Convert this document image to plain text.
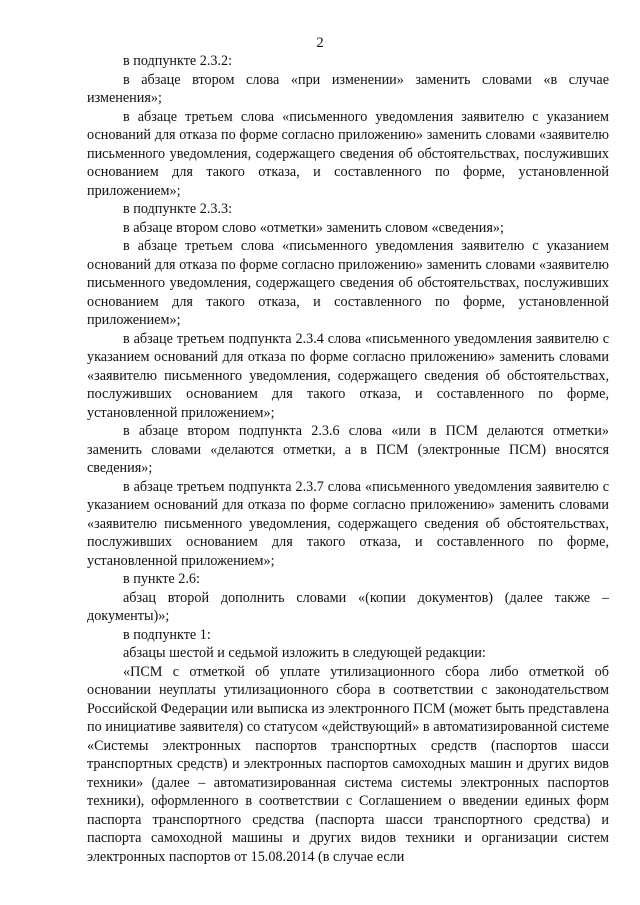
2

в подпункте 2.3.2:

в абзаце втором слова «при изменении» заменить словами «в случае изменения»;

в абзаце третьем слова «письменного уведомления заявителю с указанием оснований для отказа по форме согласно приложению» заменить словами «заявителю письменного уведомления, содержащего сведения об обстоятельствах, послуживших основанием для такого отказа, и составленного по форме, установленной приложением»;

в подпункте 2.3.3:

в абзаце втором слово «отметки» заменить словом «сведения»;

в абзаце третьем слова «письменного уведомления заявителю с указанием оснований для отказа по форме согласно приложению» заменить словами «заявителю письменного уведомления, содержащего сведения об обстоятельствах, послуживших основанием для такого отказа, и составленного по форме, установленной приложением»;

в абзаце третьем подпункта 2.3.4 слова «письменного уведомления заявителю с указанием оснований для отказа по форме согласно приложению» заменить словами «заявителю письменного уведомления, содержащего сведения об обстоятельствах, послуживших основанием для такого отказа, и составленного по форме, установленной приложением»;

в абзаце втором подпункта 2.3.6 слова «или в ПСМ делаются отметки» заменить словами «делаются отметки, а в ПСМ (электронные ПСМ) вносятся сведения»;

в абзаце третьем подпункта 2.3.7 слова «письменного уведомления заявителю с указанием оснований для отказа по форме согласно приложению» заменить словами «заявителю письменного уведомления, содержащего сведения об обстоятельствах, послуживших основанием для такого отказа, и составленного по форме, установленной приложением»;

в пункте 2.6:

абзац второй дополнить словами «(копии документов) (далее также – документы)»;

в подпункте 1:

абзацы шестой и седьмой изложить в следующей редакции:

«ПСМ с отметкой об уплате утилизационного сбора либо отметкой об основании неуплаты утилизационного сбора в соответствии с законодательством Российской Федерации или выписка из электронного ПСМ (может быть представлена по инициативе заявителя) со статусом «действующий» в автоматизированной системе «Системы электронных паспортов транспортных средств (паспортов шасси транспортных средств) и электронных паспортов самоходных машин и других видов техники» (далее – автоматизированная система системы электронных паспортов техники), оформленного в соответствии с Соглашением о введении единых форм паспорта транспортного средства (паспорта шасси транспортного средства) и паспорта самоходной машины и других видов техники и организации систем электронных паспортов от 15.08.2014 (в случае если
